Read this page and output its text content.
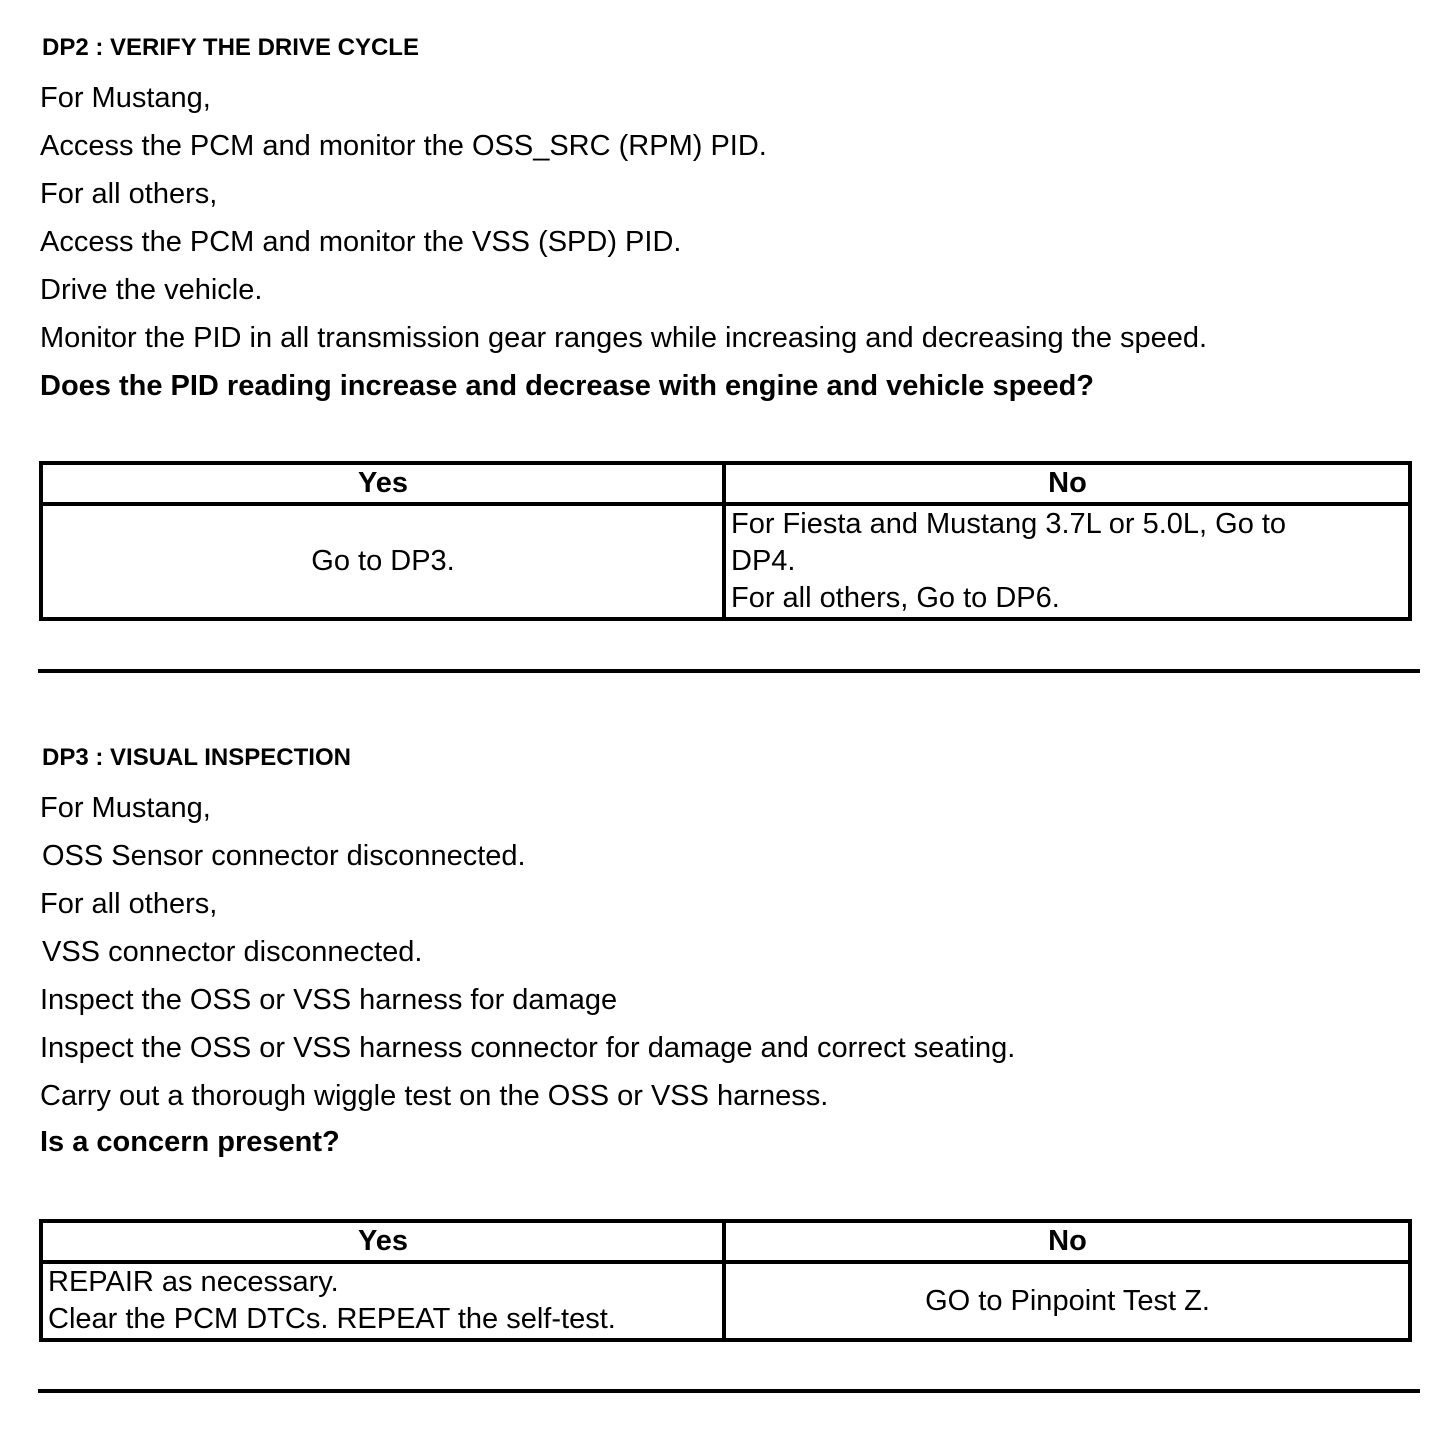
DP2 : VERIFY THE DRIVE CYCLE
For Mustang,
Access the PCM and monitor the OSS_SRC (RPM) PID.
For all others,
Access the PCM and monitor the VSS (SPD) PID.
Drive the vehicle.
Monitor the PID in all transmission gear ranges while increasing and decreasing the speed.
Does the PID reading increase and decrease with engine and vehicle speed?
Yes	No
Go to DP3.	For Fiesta and Mustang 3.7L or 5.0L, Go to
DP4.
For all others, Go to DP6.
DP3 : VISUAL INSPECTION
For Mustang,
OSS Sensor connector disconnected.
For all others,
VSS connector disconnected.
Inspect the OSS or VSS harness for damage
Inspect the OSS or VSS harness connector for damage and correct seating.
Carry out a thorough wiggle test on the OSS or VSS harness.
Is a concern present?
Yes	No

REPAIR as necessary.
Clear the PCM DTCs. REPEAT the self-test.	GO to Pinpoint Test Z.
